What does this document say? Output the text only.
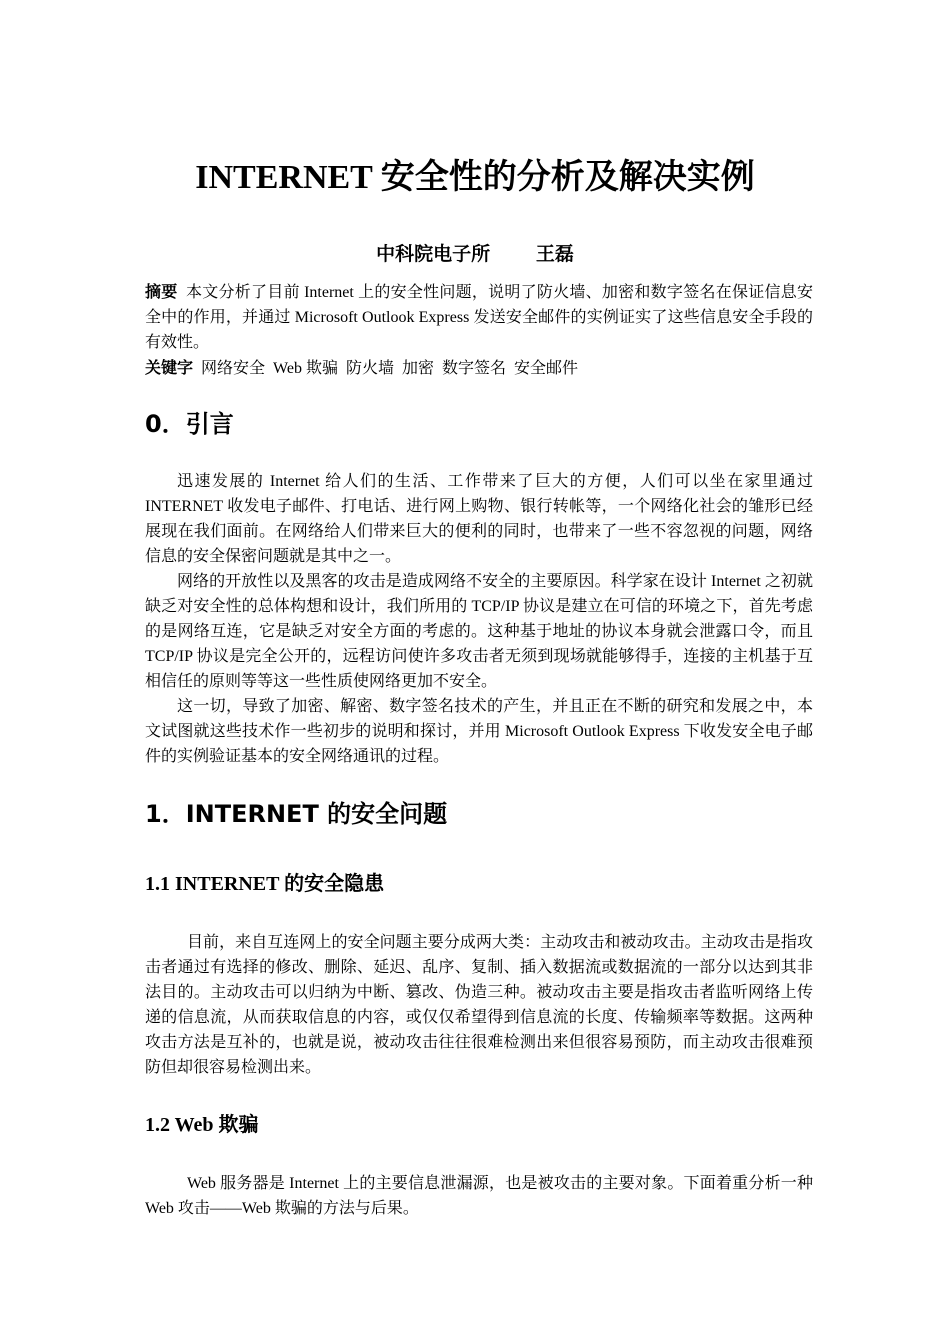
INTERNET 安全性的分析及解决实例
中科院电子所    王磊

摘要 本文分析了目前 Internet 上的安全性问题，说明了防火墙、加密和数字签名在保证信息安全中的作用，并通过 Microsoft Outlook Express 发送安全邮件的实例证实了这些信息安全手段的有效性。

关键字 网络安全  Web 欺骗  防火墙  加密  数字签名  安全邮件

0．引言

迅速发展的 Internet 给人们的生活、工作带来了巨大的方便，人们可以坐在家里通过 INTERNET 收发电子邮件、打电话、进行网上购物、银行转帐等，一个网络化社会的雏形已经展现在我们面前。在网络给人们带来巨大的便利的同时，也带来了一些不容忽视的问题，网络信息的安全保密问题就是其中之一。

网络的开放性以及黑客的攻击是造成网络不安全的主要原因。科学家在设计 Internet 之初就缺乏对安全性的总体构想和设计，我们所用的 TCP/IP 协议是建立在可信的环境之下，首先考虑的是网络互连，它是缺乏对安全方面的考虑的。这种基于地址的协议本身就会泄露口令，而且 TCP/IP 协议是完全公开的，远程访问使许多攻击者无须到现场就能够得手，连接的主机基于互相信任的原则等等这一些性质使网络更加不安全。

这一切，导致了加密、解密、数字签名技术的产生，并且正在不断的研究和发展之中，本文试图就这些技术作一些初步的说明和探讨，并用 Microsoft Outlook Express 下收发安全电子邮件的实例验证基本的安全网络通讯的过程。

1．INTERNET 的安全问题
1.1 INTERNET 的安全隐患

目前，来自互连网上的安全问题主要分成两大类：主动攻击和被动攻击。主动攻击是指攻击者通过有选择的修改、删除、延迟、乱序、复制、插入数据流或数据流的一部分以达到其非法目的。主动攻击可以归纳为中断、篡改、伪造三种。被动攻击主要是指攻击者监听网络上传递的信息流，从而获取信息的内容，或仅仅希望得到信息流的长度、传输频率等数据。这两种攻击方法是互补的，也就是说，被动攻击往往很难检测出来但很容易预防，而主动攻击很难预防但却很容易检测出来。

1.2 Web 欺骗

Web 服务器是 Internet 上的主要信息泄漏源，也是被攻击的主要对象。下面着重分析一种 Web 攻击——Web 欺骗的方法与后果。
